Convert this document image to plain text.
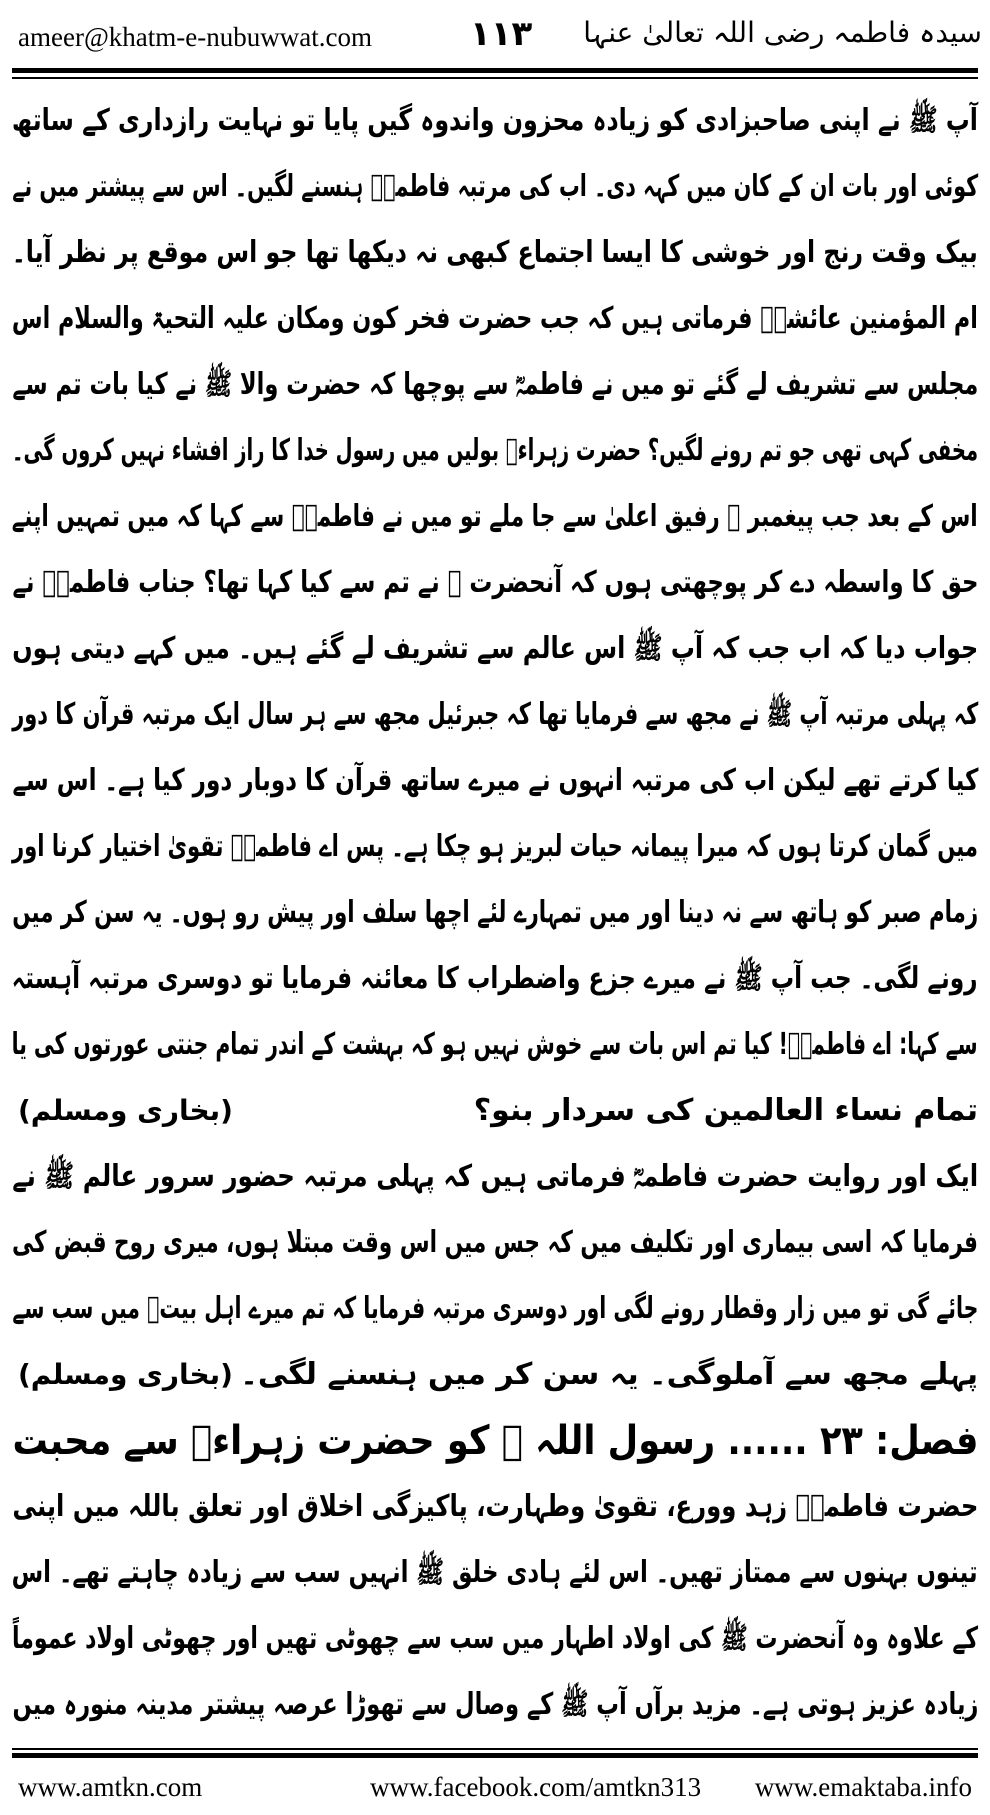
ameer@khatm-e-nubuwwat.com	۱۱۳ سیدہ فاطمہ رضی اللہ تعالیٰ عنہا
آپ ﷺ نے اپنی صاحبزادی کو زیادہ محزون واندوہ گیں پایا تو نہایت رازداری کے ساتھ
کوئی اور بات ان کے کان میں کہہ دی۔ اب کی مرتبہ فاطمہؓ ہنسنے لگیں۔ اس سے پیشتر میں نے
بیک وقت رنج اور خوشی کا ایسا اجتماع کبھی نہ دیکھا تھا جو اس موقع پر نظر آیا۔
ام المؤمنین عائشہؓ فرماتی ہیں کہ جب حضرت فخر کون ومکان علیہ التحیۃ والسلام اس
مجلس سے تشریف لے گئے تو میں نے فاطمہؓ سے پوچھا کہ حضرت والا ﷺ نے کیا بات تم سے
مخفی کہی تھی جو تم رونے لگیں؟ حضرت زہراءؓ بولیں میں رسول خدا کا راز افشاء نہیں کروں گی۔
اس کے بعد جب پیغمبر ﷺ رفیق اعلیٰ سے جا ملے تو میں نے فاطمہؓ سے کہا کہ میں تمہیں اپنے
حق کا واسطہ دے کر پوچھتی ہوں کہ آنحضرت ﷺ نے تم سے کیا کہا تھا؟ جناب فاطمہؓ نے
جواب دیا کہ اب جب کہ آپ ﷺ اس عالم سے تشریف لے گئے ہیں۔ میں کہے دیتی ہوں
کہ پہلی مرتبہ آپ ﷺ نے مجھ سے فرمایا تھا کہ جبرئیل مجھ سے ہر سال ایک مرتبہ قرآن کا دور
کیا کرتے تھے لیکن اب کی مرتبہ انہوں نے میرے ساتھ قرآن کا دوبار دور کیا ہے۔ اس سے
میں گمان کرتا ہوں کہ میرا پیمانہ حیات لبریز ہو چکا ہے۔ پس اے فاطمہؓ تقویٰ اختیار کرنا اور
زمام صبر کو ہاتھ سے نہ دینا اور میں تمہارے لئے اچھا سلف اور پیش رو ہوں۔ یہ سن کر میں
رونے لگی۔ جب آپ ﷺ نے میرے جزع واضطراب کا معائنہ فرمایا تو دوسری مرتبہ آہستہ
سے کہا: اے فاطمہؓ! کیا تم اس بات سے خوش نہیں ہو کہ بہشت کے اندر تمام جنتی عورتوں کی یا
تمام نساء العالمین کی سردار بنو؟
(بخاری ومسلم)
ایک اور روایت حضرت فاطمہؓ فرماتی ہیں کہ پہلی مرتبہ حضور سرور عالم ﷺ نے
فرمایا کہ اسی بیماری اور تکلیف میں کہ جس میں اس وقت مبتلا ہوں، میری روح قبض کی
جائے گی تو میں زار وقطار رونے لگی اور دوسری مرتبہ فرمایا کہ تم میرے اہل بیتؓ میں سب سے
پہلے مجھ سے آملوگی۔ یہ سن کر میں ہنسنے لگی۔
(بخاری ومسلم)
فصل: ۲۳ ...... رسول اللہ ﷺ کو حضرت زہراءؓ سے محبت
حضرت فاطمہؓ زہد وورع، تقویٰ وطہارت، پاکیزگی اخلاق اور تعلق باللہ میں اپنی
تینوں بہنوں سے ممتاز تھیں۔ اس لئے ہادی خلق ﷺ انہیں سب سے زیادہ چاہتے تھے۔ اس
کے علاوہ وہ آنحضرت ﷺ کی اولاد اطہار میں سب سے چھوٹی تھیں اور چھوٹی اولاد عموماً
زیادہ عزیز ہوتی ہے۔ مزید برآں آپ ﷺ کے وصال سے تھوڑا عرصہ پیشتر مدینہ منورہ میں
www.amtkn.com	www.facebook.com/amtkn313 www.emaktaba.info
